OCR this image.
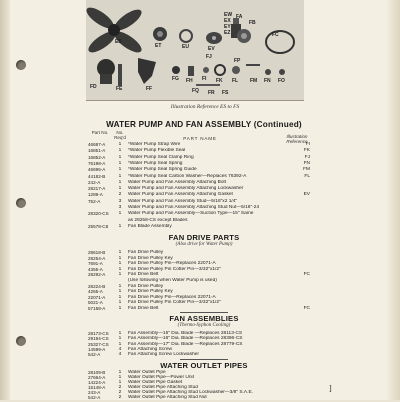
ES
ET	EU	EV
EW
EX
EY
EZ
FA
FB
FC
FD	FE	FF
FG FH FI
FJ
FK FL FM FN FO
FP
FQ FR FS
Illustration Reference ES to FS
WATER PUMP AND FAN ASSEMBLY (Continued)
Part No.	No. Req'd	PART NAME	Illustration Reference
46687-A	1	*Water Pump Strap Wire	FI
16851-A	1	*Water Pump Flexible Seal	FK
16852-A	1	*Water Pump Seal Clamp Ring	FJ
76198-A	1	*Water Pump Seal Spring	FN
46695-A	1	*Water Pump Seal Spring Guide	FM
44182-B	1	*Water Pump Seal Carbon Washer—Replaces 76392-A	FL
242-A	1	Water Pump and Fan Assembly Attaching Bolt
28217-A	1	Water Pump and Fan Assembly Attaching Lockwasher
1289-A	2	Water Pump and Fan Assembly Attaching Gasket	EV
752-A	3	Water Pump and Fan Assembly Stud—5/16"x2 1/4"
3	Water Pump and Fan Assembly Attaching Stud Nut—5/16"-24
28320-CS	1	Water Pump and Fan Assembly—Suction Type—15" Same
as 28258-CS except Blades
25578-C8	1	Fan Blade Assembly
FAN DRIVE PARTS
(Also drive for Water Pump)
28618-B	1	Fan Drive Pulley
28254-A	1	Fan Drive Pulley Key
7691-A	1	Fan Drive Pulley Pin—Replaces 22071-A
4355-A	1	Fan Drive Pulley Pin Cotter Pin—3/32"x1/2"
28292-A	1	Fan Drive Belt	FC
(Use following when Water Pump is used)
28224-B	1	Fan Drive Pulley
4265-A	1	Fan Drive Pulley Key
22071-A	1	Fan Drive Pulley Pin—Replaces 22071-A
5021-A	1	Fan Drive Pulley Pin Cotter Pin—3/32"x1/2"
57158-A	1	Fan Drive Belt	FC
FAN ASSEMBLIES
(Thermo-Syphon Cooling)
28173-CS	1	Fan Assembly—15" Dia. Blade —Replaces 28113-CS
29194-CS	1	Fan Assembly—16" Dia. Blade —Replaces 28396-CS
25327-CS	1	Fan Assembly—17" Dia. Blade —Replaces 28779-CS
14599-A	4	Fan Attaching Screw
542-A	4	Fan Attaching Screw Lockwasher
WATER OUTLET PIPES
28109-B	1	Water Outlet Pipe
27664-A	1	Water Outlet Pipe—Power Unit
14224-A	1	Water Outlet Pipe Gasket
15148-A	2	Water Outlet Pipe Attaching Stud
243-A	2	Water Outlet Pipe Attaching Stud Lockwasher—3/8" S.A.E.
542-A	2	Water Outlet Pipe Attaching Stud Nut
]
